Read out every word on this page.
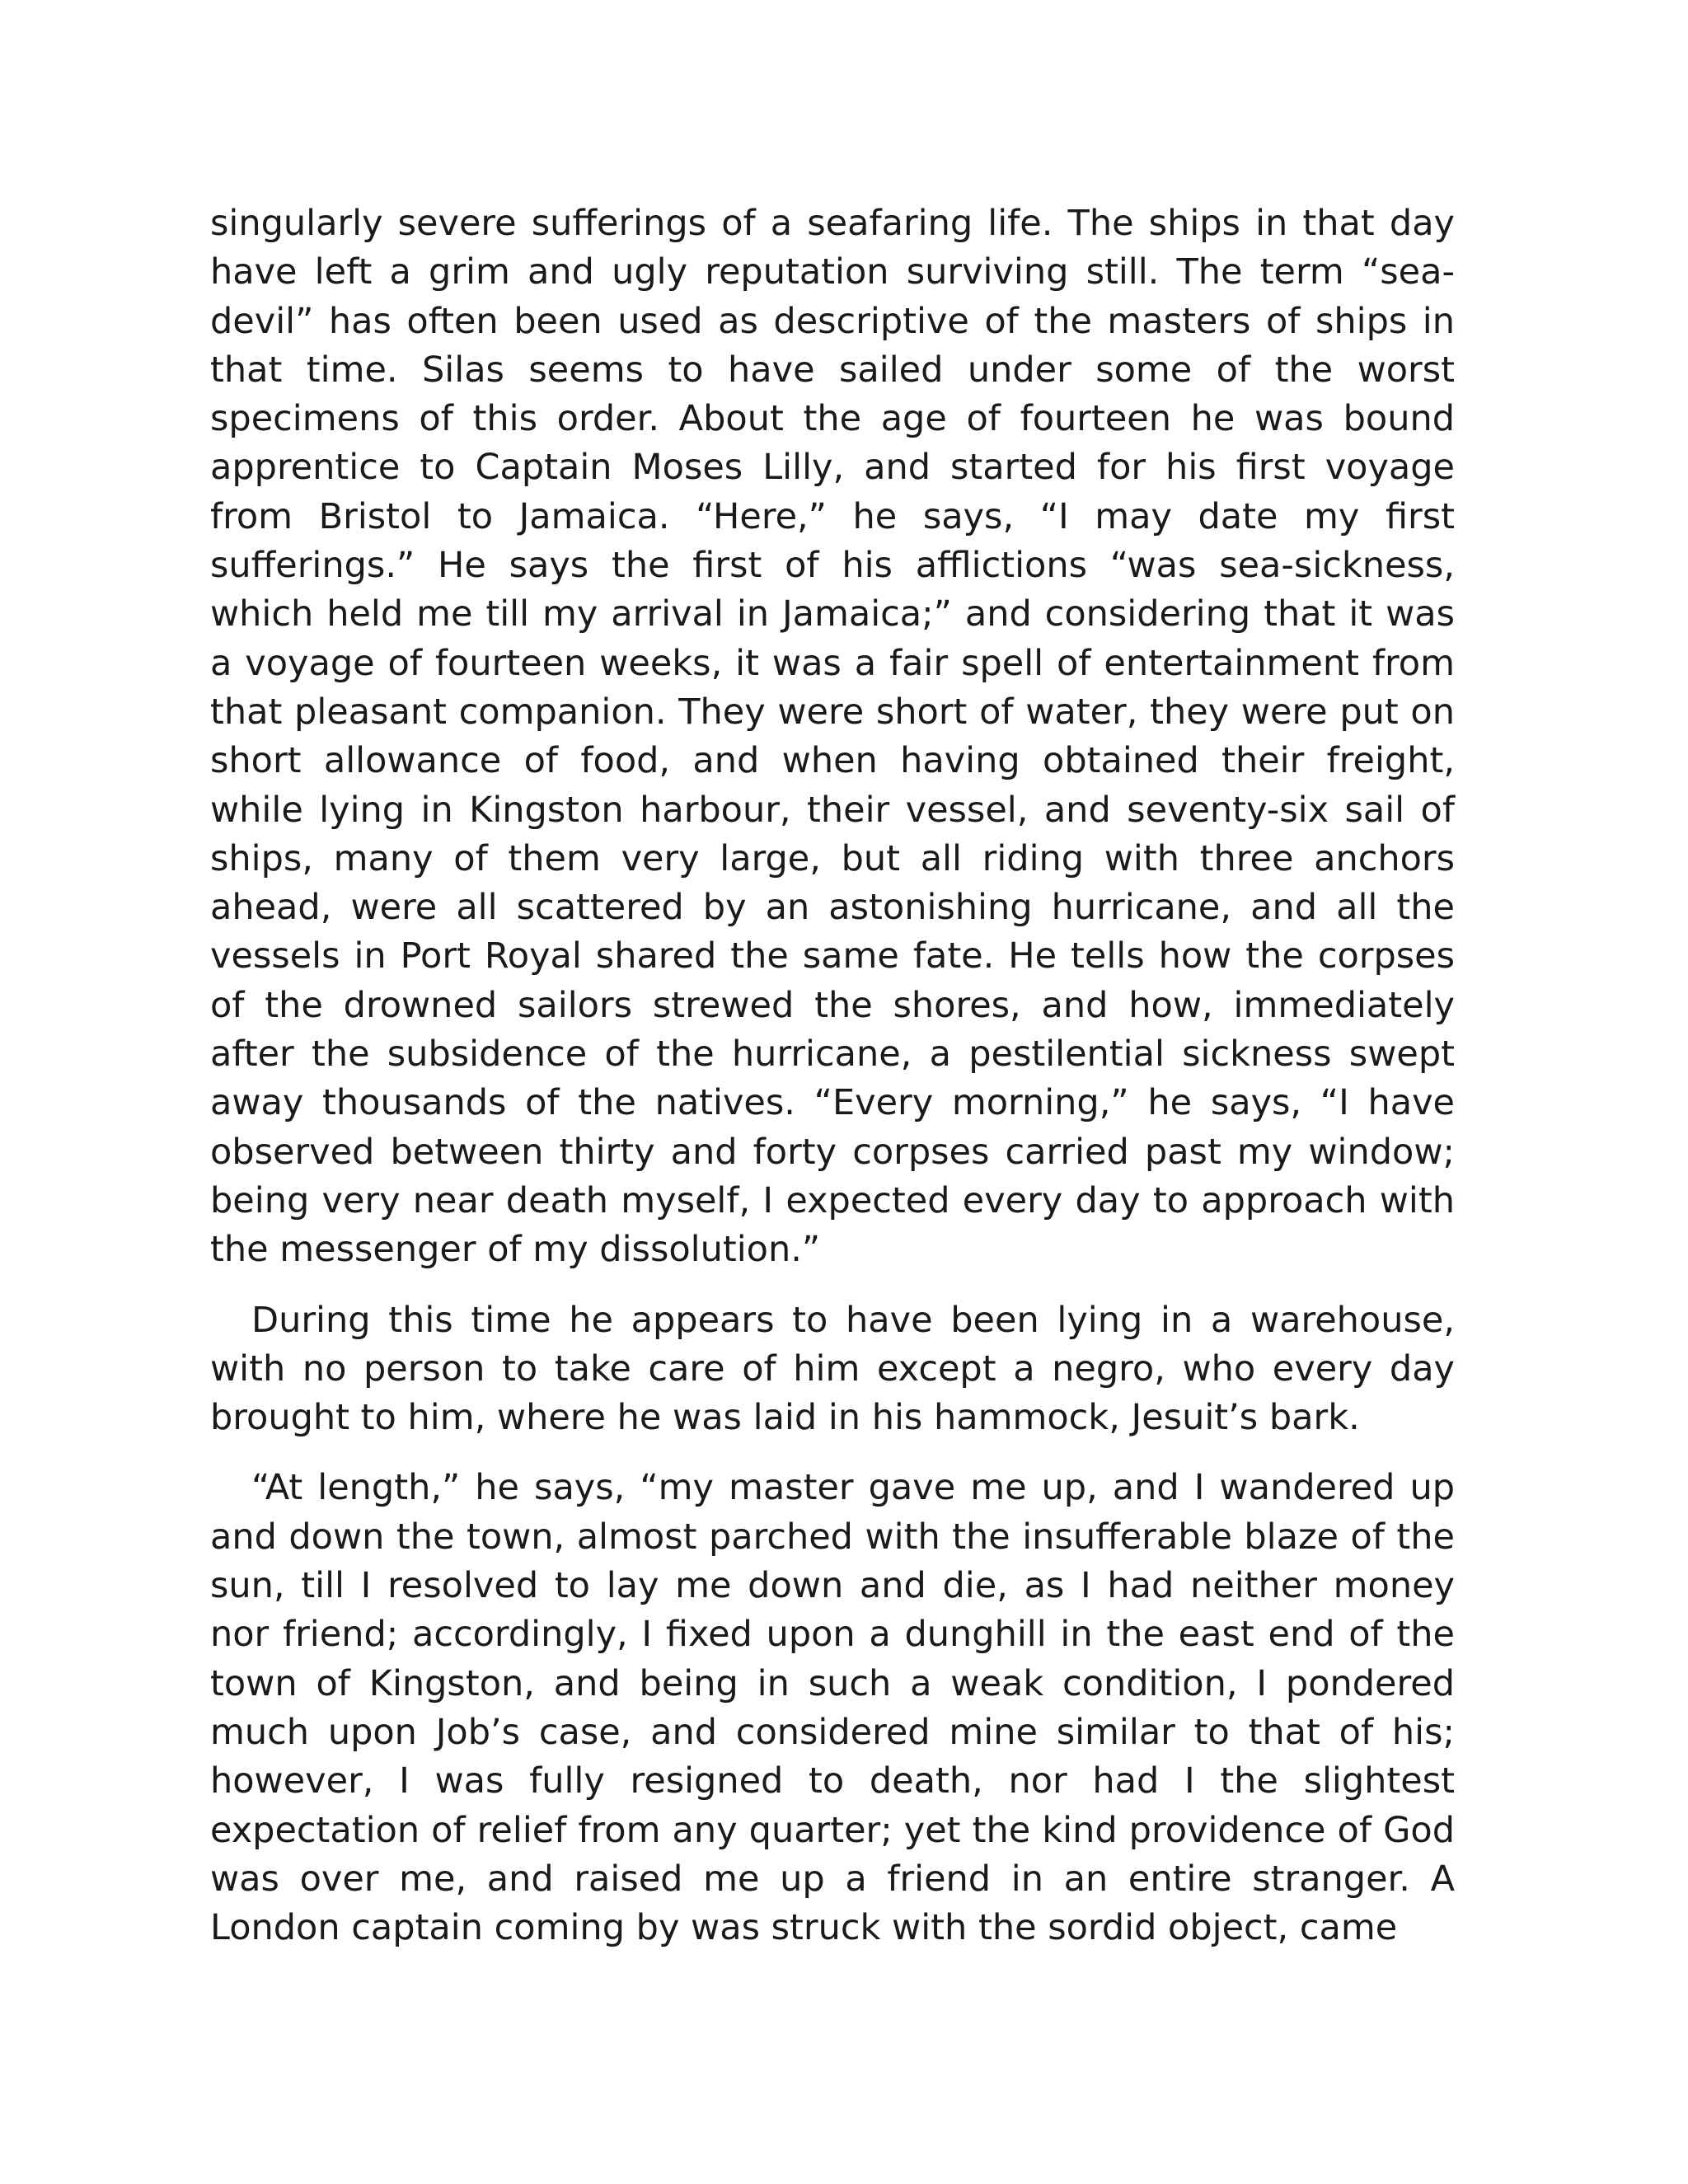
singularly severe sufferings of a seafaring life. The ships in that day have left a grim and ugly reputation surviving still. The term “sea-devil” has often been used as descriptive of the masters of ships in that time. Silas seems to have sailed under some of the worst specimens of this order. About the age of fourteen he was bound apprentice to Captain Moses Lilly, and started for his first voyage from Bristol to Jamaica. “Here,” he says, “I may date my first sufferings.” He says the first of his afflictions “was sea-sickness, which held me till my arrival in Jamaica;” and considering that it was a voyage of fourteen weeks, it was a fair spell of entertainment from that pleasant companion. They were short of water, they were put on short allowance of food, and when having obtained their freight, while lying in Kingston harbour, their vessel, and seventy-six sail of ships, many of them very large, but all riding with three anchors ahead, were all scattered by an astonishing hurricane, and all the vessels in Port Royal shared the same fate. He tells how the corpses of the drowned sailors strewed the shores, and how, immediately after the subsidence of the hurricane, a pestilential sickness swept away thousands of the natives. “Every morning,” he says, “I have observed between thirty and forty corpses carried past my window; being very near death myself, I expected every day to approach with the messenger of my dissolution.”

During this time he appears to have been lying in a warehouse, with no person to take care of him except a negro, who every day brought to him, where he was laid in his hammock, Jesuit’s bark.

“At length,” he says, “my master gave me up, and I wandered up and down the town, almost parched with the insufferable blaze of the sun, till I resolved to lay me down and die, as I had neither money nor friend; accordingly, I fixed upon a dunghill in the east end of the town of Kingston, and being in such a weak condition, I pondered much upon Job’s case, and considered mine similar to that of his; however, I was fully resigned to death, nor had I the slightest expectation of relief from any quarter; yet the kind providence of God was over me, and raised me up a friend in an entire stranger. A London captain coming by was struck with the sordid object, came
